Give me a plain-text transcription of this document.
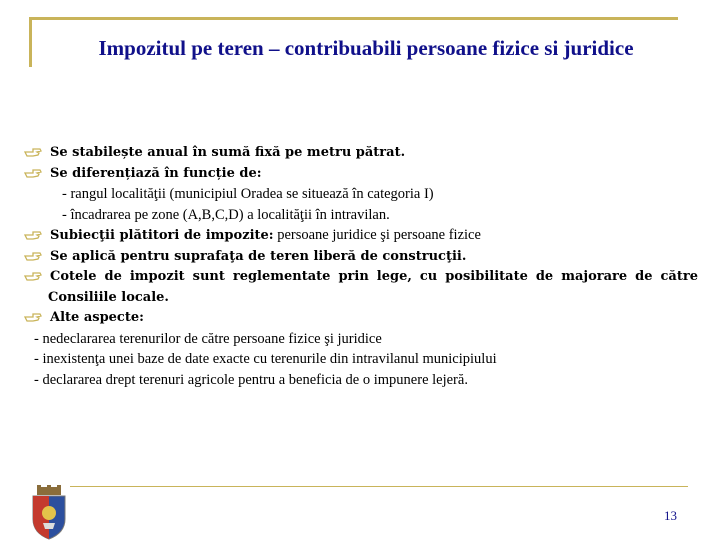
Impozitul pe teren – contribuabili persoane fizice si juridice
Se stabilește anual în sumă fixă pe metru pătrat.
Se diferențiază în funcție de:
- rangul localităţii (municipiul Oradea se situează în categoria I)
- încadrarea pe zone (A,B,C,D) a localităţii în intravilan.
Subiecţii plătitori de impozite: persoane juridice şi persoane fizice
Se aplică pentru suprafaţa de teren liberă de construcţii.
Cotele de impozit sunt reglementate prin lege, cu posibilitate de majorare de către
Consiliile locale.
Alte aspecte:
- nedeclararea terenurilor de către persoane fizice şi juridice
- inexistenţa unei baze de date exacte cu terenurile din intravilanul municipiului
- declararea drept terenuri agricole pentru a beneficia de o impunere lejeră.
13
